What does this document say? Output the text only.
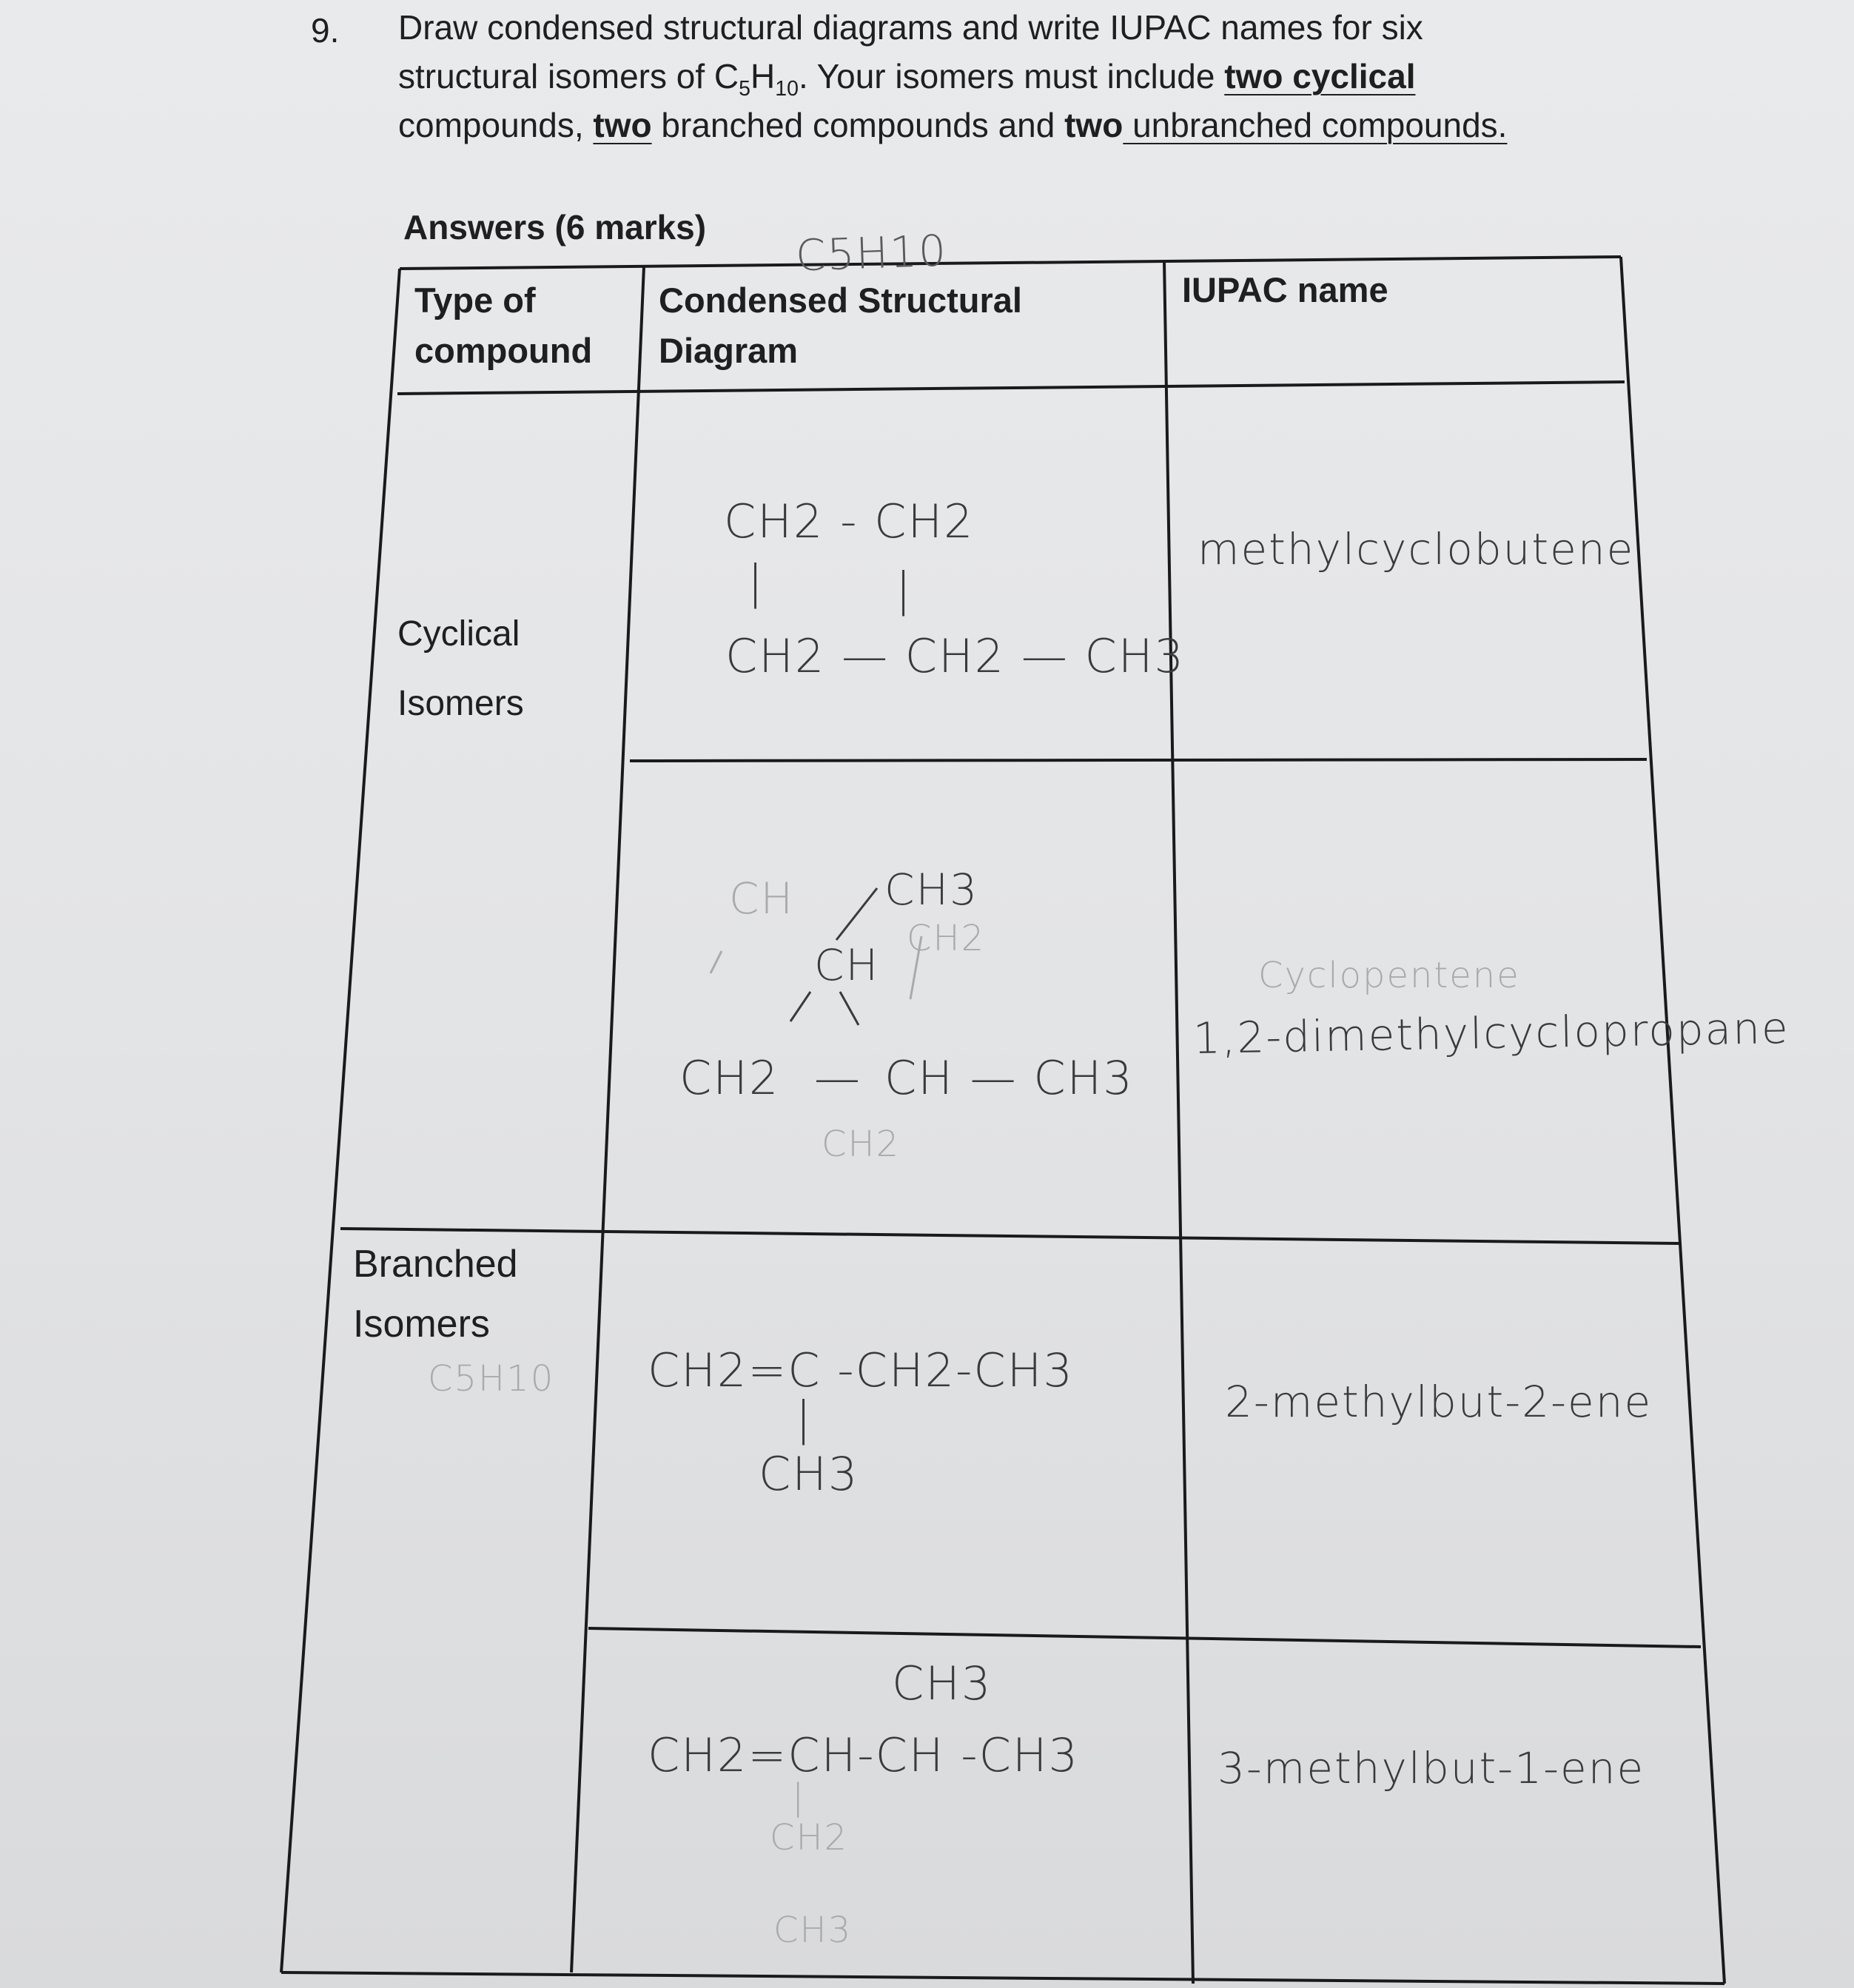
9. Draw condensed structural diagrams and write IUPAC names for six
structural isomers of $C_5H_{10}$. Your isomers must include two cyclical
compounds, two branched compounds and two unbranched compounds.
Answers (6 marks)
Type of
compound
Condensed Structural
Diagram
IUPAC name
Cyclical
Isomers
Branched
Isomers
C5H10
C5H10
CH2 - CH2
|	|
CH2 — CH2 — CH3
methylcyclobutene
CH CH3
CH2
CH
CH2 — CH — CH3
CH2
Cyclopentene
1,2-dimethylcyclopropane
CH2=C -CH2-CH3
|
CH3
2-methylbut-2-ene
CH3
CH2=CH-CH -CH3
|
CH2
CH3
3-methylbut-1-ene
